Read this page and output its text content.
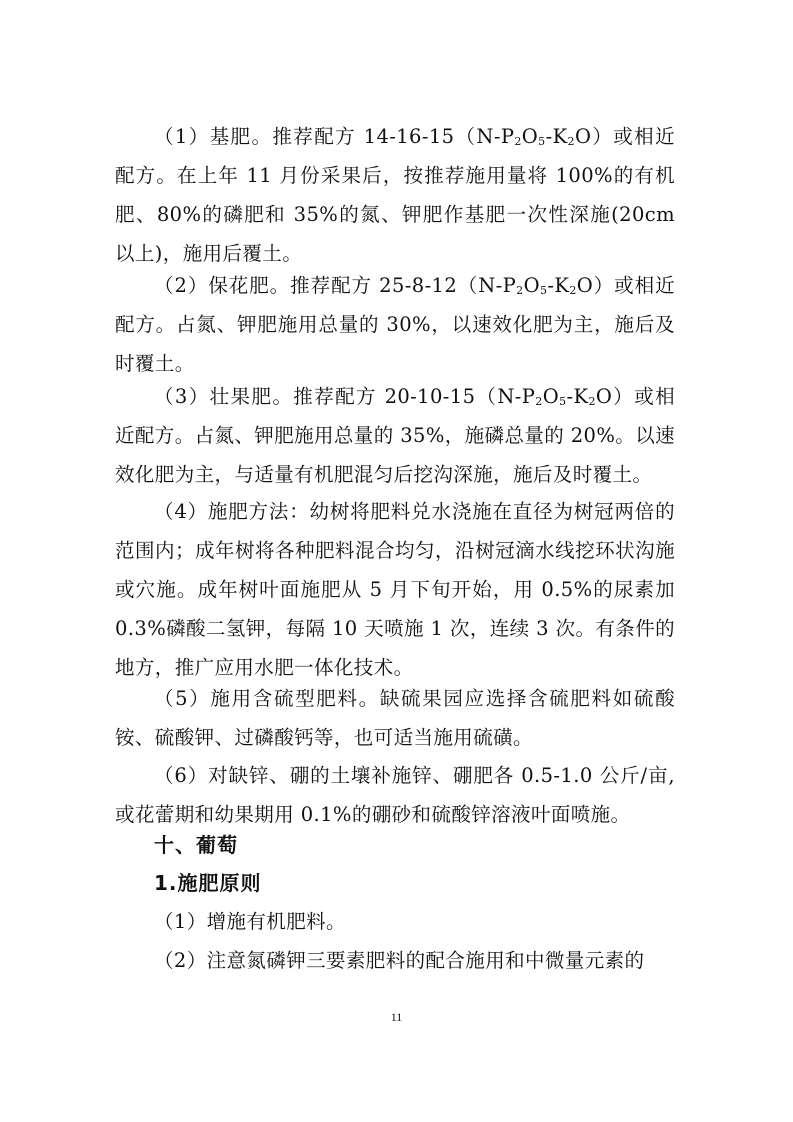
（1）基肥。推荐配方 $14-16-15(N-P_2O_5-K_2O)$或相近配方。在上年 11 月份采果后，按推荐施用量将 100%的有机肥、80%的磷肥和 35%的氮、钾肥作基肥一次性深施(20cm 以上)，施用后覆土。

（2）保花肥。推荐配方 $25-8-12(N-P_2O_5-K_2O)$或相近配方。占氮、钾肥施用总量的 30%，以速效化肥为主，施后及时覆土。

（3）壮果肥。推荐配方 $20-10-15(N-P_2O_5-K_2O)$或相近配方。占氮、钾肥施用总量的 35%，施磷总量的 20%。以速效化肥为主，与适量有机肥混匀后挖沟深施，施后及时覆土。

（4）施肥方法：幼树将肥料兑水浇施在直径为树冠两倍的范围内；成年树将各种肥料混合均匀，沿树冠滴水线挖环状沟施或穴施。成年树叶面施肥从 5 月下旬开始，用 0.5%的尿素加 0.3%磷酸二氢钾，每隔 10 天喷施 1 次，连续 3 次。有条件的地方，推广应用水肥一体化技术。

（5）施用含硫型肥料。缺硫果园应选择含硫肥料如硫酸铵、硫酸钾、过磷酸钙等，也可适当施用硫磺。

（6）对缺锌、硼的土壤补施锌、硼肥各 0.5-1.0 公斤/亩,或花蕾期和幼果期用 0.1%的硼砂和硫酸锌溶液叶面喷施。

十、葡萄
1.施肥原则

（1）增施有机肥料。

（2）注意氮磷钾三要素肥料的配合施用和中微量元素的

11
